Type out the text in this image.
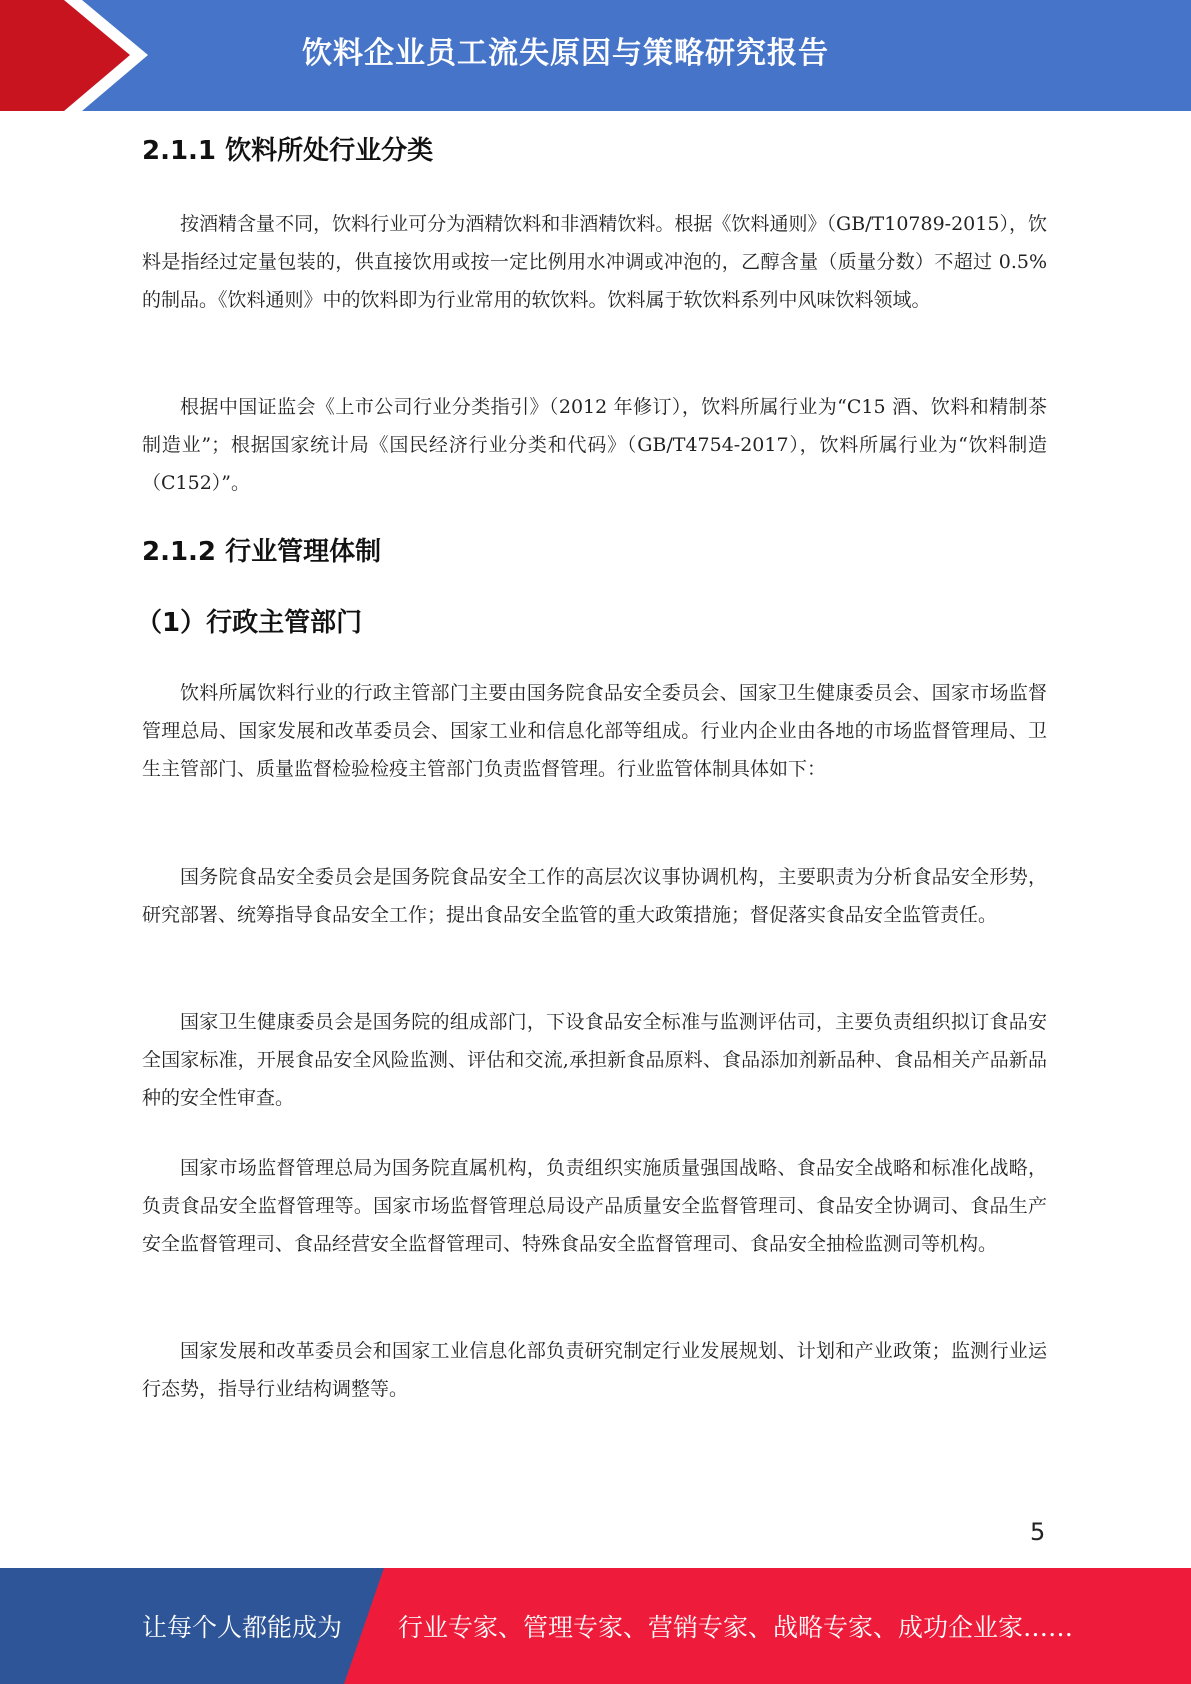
饮料企业员工流失原因与策略研究报告
2.1.1 饮料所处行业分类

按酒精含量不同，饮料行业可分为酒精饮料和非酒精饮料。根据《饮料通则》（GB/T10789-2015），饮料是指经过定量包装的，供直接饮用或按一定比例用水冲调或冲泡的，乙醇含量（质量分数）不超过 0.5%的制品。《饮料通则》中的饮料即为行业常用的软饮料。饮料属于软饮料系列中风味饮料领域。

根据中国证监会《上市公司行业分类指引》（2012 年修订），饮料所属行业为“C15 酒、饮料和精制茶制造业”；根据国家统计局《国民经济行业分类和代码》（GB/T4754-2017），饮料所属行业为“饮料制造（C152）”。

2.1.2 行业管理体制
（1）行政主管部门

饮料所属饮料行业的行政主管部门主要由国务院食品安全委员会、国家卫生健康委员会、国家市场监督管理总局、国家发展和改革委员会、国家工业和信息化部等组成。行业内企业由各地的市场监督管理局、卫生主管部门、质量监督检验检疫主管部门负责监督管理。行业监管体制具体如下：

国务院食品安全委员会是国务院食品安全工作的高层次议事协调机构，主要职责为分析食品安全形势，研究部署、统筹指导食品安全工作；提出食品安全监管的重大政策措施；督促落实食品安全监管责任。

国家卫生健康委员会是国务院的组成部门，下设食品安全标准与监测评估司，主要负责组织拟订食品安全国家标准，开展食品安全风险监测、评估和交流,承担新食品原料、食品添加剂新品种、食品相关产品新品种的安全性审查。

国家市场监督管理总局为国务院直属机构，负责组织实施质量强国战略、食品安全战略和标准化战略，负责食品安全监督管理等。国家市场监督管理总局设产品质量安全监督管理司、食品安全协调司、食品生产安全监督管理司、食品经营安全监督管理司、特殊食品安全监督管理司、食品安全抽检监测司等机构。

国家发展和改革委员会和国家工业信息化部负责研究制定行业发展规划、计划和产业政策；监测行业运行态势，指导行业结构调整等。

5
让每个人都能成为 行业专家、管理专家、营销专家、战略专家、成功企业家……
